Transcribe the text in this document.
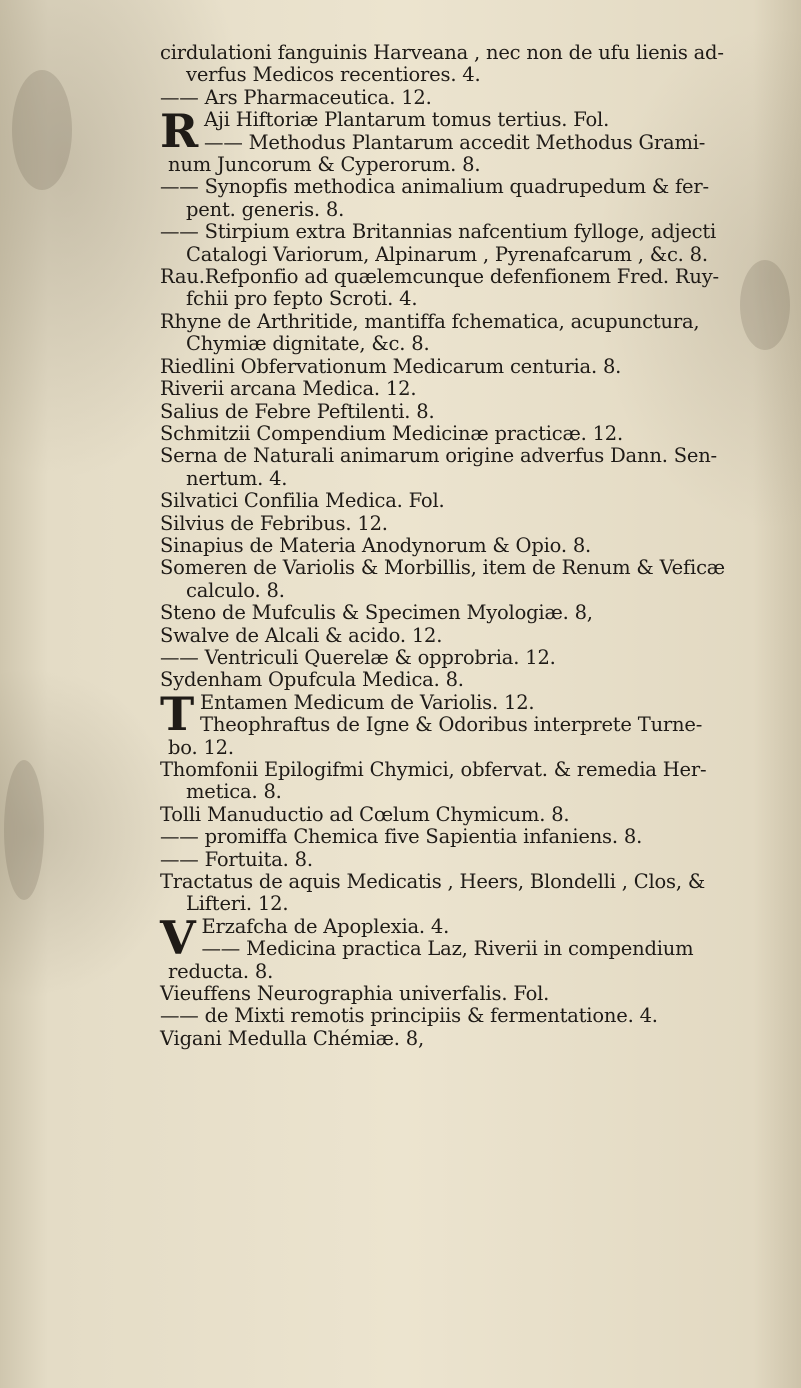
cirdulationi fanguinis Harveana , nec non de ufu lienis ad-
verfus Medicos recentiores. 4.
—— Ars Pharmaceutica. 12.
R Aji Hiftoriæ Plantarum tomus tertius. Fol.
—— Methodus Plantarum accedit Methodus Grami-
num Juncorum & Cyperorum. 8.
—— Synopfis methodica animalium quadrupedum & fer-
pent. generis. 8.
—— Stirpium extra Britannias nafcentium fylloge, adjecti
Catalogi Variorum, Alpinarum , Pyrenafcarum , &c. 8.
Rau.Refponfio ad quælemcunque defenfionem Fred. Ruy-
fchii pro fepto Scroti. 4.
Rhyne de Arthritide, mantiffa fchematica, acupunctura,
Chymiæ dignitate, &c. 8.
Riedlini Obfervationum Medicarum centuria. 8.
Riverii arcana Medica. 12.
Salius de Febre Peftilenti. 8.
Schmitzii Compendium Medicinæ practicæ. 12.
Serna de Naturali animarum origine adverfus Dann. Sen-
nertum. 4.
Silvatici Confilia Medica. Fol.
Silvius de Febribus. 12.
Sinapius de Materia Anodynorum & Opio. 8.
Someren de Variolis & Morbillis, item de Renum & Veficæ
calculo. 8.
Steno de Mufculis & Specimen Myologiæ. 8,
Swalve de Alcali & acido. 12.
—— Ventriculi Querelæ & opprobria. 12.
Sydenham Opufcula Medica. 8.
T Entamen Medicum de Variolis. 12.
Theophraftus de Igne & Odoribus interprete Turne-
bo. 12.
Thomfonii Epilogifmi Chymici, obfervat. & remedia Her-
metica. 8.
Tolli Manuductio ad Cœlum Chymicum. 8.
—— promiffa Chemica five Sapientia infaniens. 8.
—— Fortuita. 8.
Tractatus de aquis Medicatis , Heers, Blondelli , Clos, &
Lifteri. 12.
V Erzafcha de Apoplexia. 4.
—— Medicina practica Laz, Riverii in compendium
reducta. 8.
Vieuffens Neurographia univerfalis. Fol.
—— de Mixti remotis principiis & fermentatione. 4.
Vigani Medulla Chémiæ. 8,
